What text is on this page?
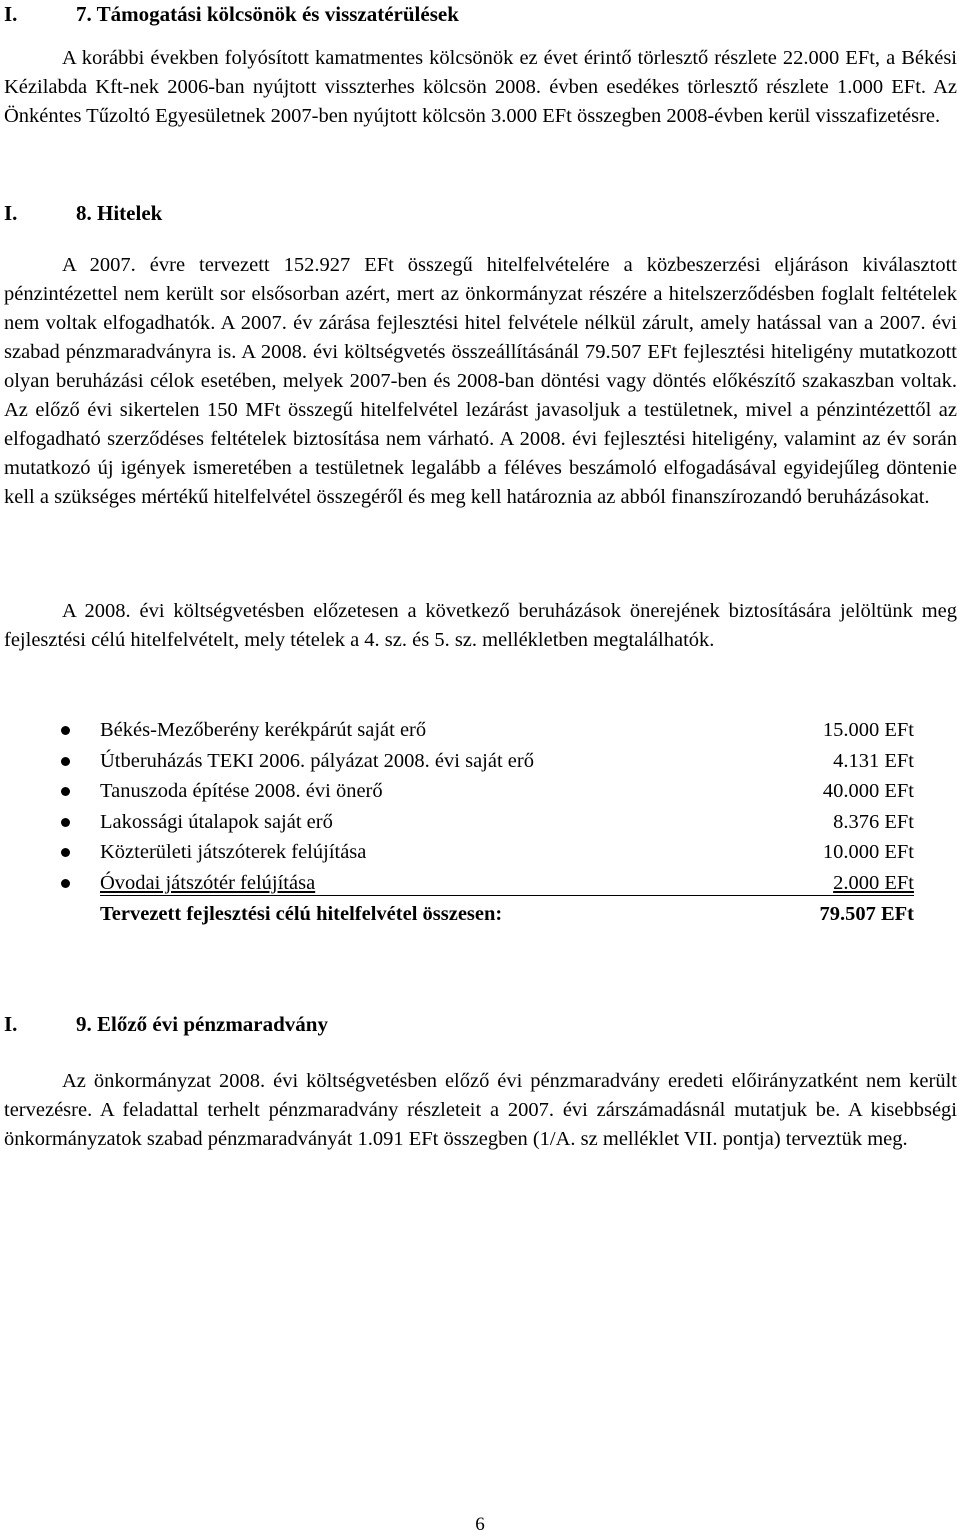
I.	7. Támogatási kölcsönök és visszatérülések
A korábbi években folyósított kamatmentes kölcsönök ez évet érintő törlesztő részlete 22.000 EFt, a Békési Kézilabda Kft-nek 2006-ban nyújtott visszterhes kölcsön 2008. évben esedékes törlesztő részlete 1.000 EFt. Az Önkéntes Tűzoltó Egyesületnek 2007-ben nyújtott kölcsön 3.000 EFt összegben 2008-évben kerül visszafizetésre.
I.	8. Hitelek
A 2007. évre tervezett 152.927 EFt összegű hitelfelvételére a közbeszerzési eljáráson kiválasztott pénzintézettel nem került sor elsősorban azért, mert az önkormányzat részére a hitelszerződésben foglalt feltételek nem voltak elfogadhatók. A 2007. év zárása fejlesztési hitel felvétele nélkül zárult, amely hatással van a 2007. évi szabad pénzmaradványra is. A 2008. évi költségvetés összeállításánál 79.507 EFt fejlesztési hiteligény mutatkozott olyan beruházási célok esetében, melyek 2007-ben és 2008-ban döntési vagy döntés előkészítő szakaszban voltak. Az előző évi sikertelen 150 MFt összegű hitelfelvétel lezárást javasoljuk a testületnek, mivel a pénzintézettől az elfogadható szerződéses feltételek biztosítása nem várható. A 2008. évi fejlesztési hiteligény, valamint az év során mutatkozó új igények ismeretében a testületnek legalább a féléves beszámoló elfogadásával egyidejűleg döntenie kell a szükséges mértékű hitelfelvétel összegéről és meg kell határoznia az abból finanszírozandó beruházásokat.
A 2008. évi költségvetésben előzetesen a következő beruházások önerejének biztosítására jelöltünk meg fejlesztési célú hitelfelvételt, mely tételek a 4. sz. és 5. sz. mellékletben megtalálhatók.
Békés-Mezőberény kerékpárút saját erő	15.000 EFt
Útberuházás TEKI 2006. pályázat 2008. évi saját erő	4.131 EFt
Tanuszoda építése 2008. évi önerő	40.000 EFt
Lakossági útalapok saját erő	8.376 EFt
Közterületi játszóterek felújítása	10.000 EFt
Óvodai játszótér felújítása	2.000 EFt
Tervezett fejlesztési célú hitelfelvétel összesen:	79.507 EFt
I.	9. Előző évi pénzmaradvány
Az önkormányzat 2008. évi költségvetésben előző évi pénzmaradvány eredeti előirányzatként nem került tervezésre. A feladattal terhelt pénzmaradvány részleteit a 2007. évi zárszámadásnál mutatjuk be. A kisebbségi önkormányzatok szabad pénzmaradványát 1.091 EFt összegben (1/A. sz melléklet VII. pontja) terveztük meg.
6
